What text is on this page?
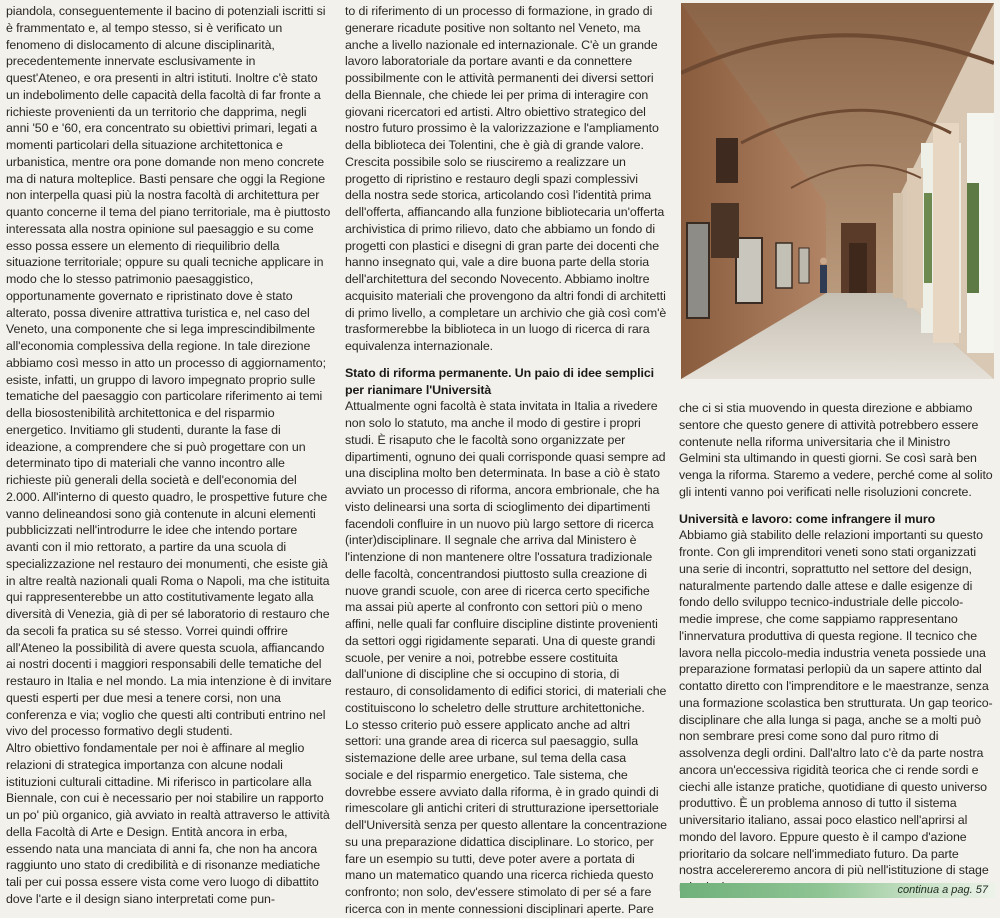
piandola, conseguentemente il bacino di potenziali iscritti si è frammentato e, al tempo stesso, si è verificato un fenomeno di dislocamento di alcune disciplinarità, precedentemente innervate esclusivamente in quest'Ateneo, e ora presenti in altri istituti. Inoltre c'è stato un indebolimento delle capacità della facoltà di far fronte a richieste provenienti da un territorio che dapprima, negli anni '50 e '60, era concentrato su obiettivi primari, legati a momenti particolari della situazione architettonica e urbanistica, mentre ora pone domande non meno concrete ma di natura molteplice. Basti pensare che oggi la Regione non interpella quasi più la nostra facoltà di architettura per quanto concerne il tema del piano territoriale, ma è piuttosto interessata alla nostra opinione sul paesaggio e su come esso possa essere un elemento di riequilibrio della situazione territoriale; oppure su quali tecniche applicare in modo che lo stesso patrimonio paesaggistico, opportunamente governato e ripristinato dove è stato alterato, possa divenire attrattiva turistica e, nel caso del Veneto, una componente che si lega imprescindibilmente all'economia complessiva della regione. In tale direzione abbiamo così messo in atto un processo di aggiornamento; esiste, infatti, un gruppo di lavoro impegnato proprio sulle tematiche del paesaggio con particolare riferimento ai temi della biosostenibilità architettonica e del risparmio energetico. Invitiamo gli studenti, durante la fase di ideazione, a comprendere che si può progettare con un determinato tipo di materiali che vanno incontro alle richieste più generali della società e dell'economia del 2.000. All'interno di questo quadro, le prospettive future che vanno delineandosi sono già contenute in alcuni elementi pubblicizzati nell'introdurre le idee che intendo portare avanti con il mio rettorato, a partire da una scuola di specializzazione nel restauro dei monumenti, che esiste già in altre realtà nazionali quali Roma o Napoli, ma che istituita qui rappresenterebbe un atto costitutivamente legato alla diversità di Venezia, già di per sé laboratorio di restauro che da secoli fa pratica su sé stesso. Vorrei quindi offrire all'Ateneo la possibilità di avere questa scuola, affiancando ai nostri docenti i maggiori responsabili delle tematiche del restauro in Italia e nel mondo. La mia intenzione è di invitare questi esperti per due mesi a tenere corsi, non una conferenza e via; voglio che questi alti contributi entrino nel vivo del processo formativo degli studenti.

Altro obiettivo fondamentale per noi è affinare al meglio relazioni di strategica importanza con alcune nodali istituzioni culturali cittadine. Mi riferisco in particolare alla Biennale, con cui è necessario per noi stabilire un rapporto un po' più organico, già avviato in realtà attraverso le attività della Facoltà di Arte e Design. Entità ancora in erba, essendo nata una manciata di anni fa, che non ha ancora raggiunto uno stato di credibilità e di risonanze mediatiche tali per cui possa essere vista come vero luogo di dibattito dove l'arte e il design siano interpretati come pun-

to di riferimento di un processo di formazione, in grado di generare ricadute positive non soltanto nel Veneto, ma anche a livello nazionale ed internazionale. C'è un grande lavoro laboratoriale da portare avanti e da connettere possibilmente con le attività permanenti dei diversi settori della Biennale, che chiede lei per prima di interagire con giovani ricercatori ed artisti. Altro obiettivo strategico del nostro futuro prossimo è la valorizzazione e l'ampliamento della biblioteca dei Tolentini, che è già di grande valore. Crescita possibile solo se riusciremo a realizzare un progetto di ripristino e restauro degli spazi complessivi della nostra sede storica, articolando così l'identità prima dell'offerta, affiancando alla funzione bibliotecaria un'offerta archivistica di primo rilievo, dato che abbiamo un fondo di progetti con plastici e disegni di gran parte dei docenti che hanno insegnato qui, vale a dire buona parte della storia dell'architettura del secondo Novecento. Abbiamo inoltre acquisito materiali che provengono da altri fondi di architetti di primo livello, a completare un archivio che già così com'è trasformerebbe la biblioteca in un luogo di ricerca di rara equivalenza internazionale.

Stato di riforma permanente. Un paio di idee semplici per rianimare l'Università

Attualmente ogni facoltà è stata invitata in Italia a rivedere non solo lo statuto, ma anche il modo di gestire i propri studi. È risaputo che le facoltà sono organizzate per dipartimenti, ognuno dei quali corrisponde quasi sempre ad una disciplina molto ben determinata. In base a ciò è stato avviato un processo di riforma, ancora embrionale, che ha visto delinearsi una sorta di scioglimento dei dipartimenti facendoli confluire in un nuovo più largo settore di ricerca (inter)disciplinare. Il segnale che arriva dal Ministero è l'intenzione di non mantenere oltre l'ossatura tradizionale delle facoltà, concentrandosi piuttosto sulla creazione di nuove grandi scuole, con aree di ricerca certo specifiche ma assai più aperte al confronto con settori più o meno affini, nelle quali far confluire discipline distinte provenienti da settori oggi rigidamente separati. Una di queste grandi scuole, per venire a noi, potrebbe essere costituita dall'unione di discipline che si occupino di storia, di restauro, di consolidamento di edifici storici, di materiali che costituiscono lo scheletro delle strutture architettoniche.

Lo stesso criterio può essere applicato anche ad altri settori: una grande area di ricerca sul paesaggio, sulla sistemazione delle aree urbane, sul tema della casa sociale e del risparmio energetico. Tale sistema, che dovrebbe essere avviato dalla riforma, è in grado quindi di rimescolare gli antichi criteri di strutturazione ipersettoriale dell'Università senza per questo allentare la concentrazione su una preparazione didattica disciplinare. Lo storico, per fare un esempio su tutti, deve poter avere a portata di mano un matematico quando una ricerca richieda questo confronto; non solo, dev'essere stimolato di per sé a fare ricerca con in mente connessioni disciplinari aperte. Pare

che ci si stia muovendo in questa direzione e abbiamo sentore che questo genere di attività potrebbero essere contenute nella riforma universitaria che il Ministro Gelmini sta ultimando in questi giorni. Se così sarà ben venga la riforma. Staremo a vedere, perché come al solito gli intenti vanno poi verificati nelle risoluzioni concrete.

Università e lavoro: come infrangere il muro

Abbiamo già stabilito delle relazioni importanti su questo fronte. Con gli imprenditori veneti sono stati organizzati una serie di incontri, soprattutto nel settore del design, naturalmente partendo dalle attese e dalle esigenze di fondo dello sviluppo tecnico-industriale delle piccolo-medie imprese, che come sappiamo rappresentano l'innervatura produttiva di questa regione. Il tecnico che lavora nella piccolo-media industria veneta possiede una preparazione formatasi perlopiù da un sapere attinto dal contatto diretto con l'imprenditore e le maestranze, senza una formazione scolastica ben strutturata. Un gap teorico-disciplinare che alla lunga si paga, anche se a molti può non sembrare presi come sono dal puro ritmo di assolvenza degli ordini. Dall'altro lato c'è da parte nostra ancora un'eccessiva rigidità teorica che ci rende sordi e ciechi alle istanze pratiche, quotidiane di questo universo produttivo. È un problema annoso di tutto il sistema universitario italiano, assai poco elastico nell'aprirsi al mondo del lavoro. Eppure questo è il campo d'azione prioritario da solcare nell'immediato futuro. Da parte nostra accelereremo ancora di più nell'istituzione di stage

continua a pag. 57
